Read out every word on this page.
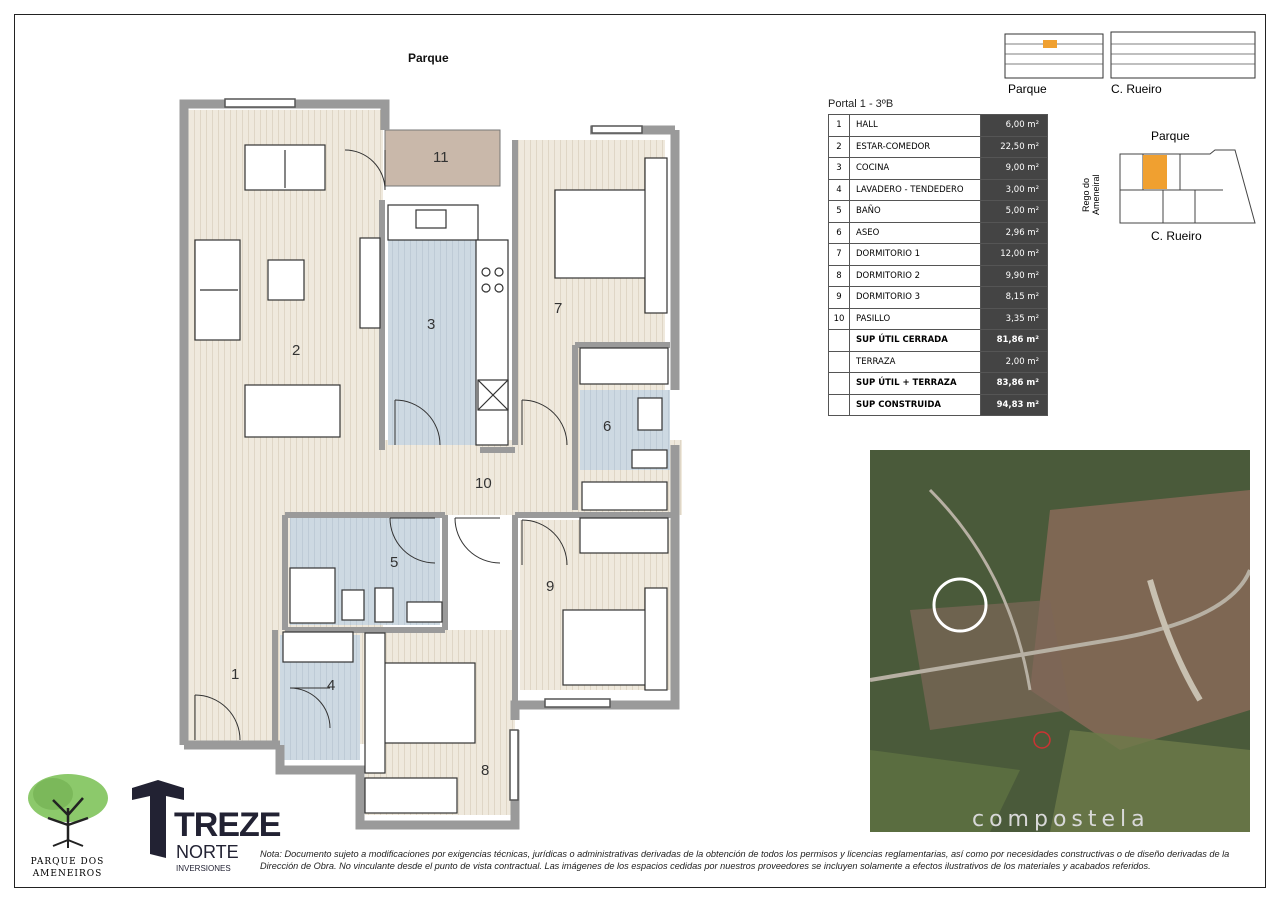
Parque
11
2
3
7
6
10
5
9
1
4
8
Parque	C. Rueiro
Parque
Rego do Ameneiral
C. Rueiro
Portal 1 - 3ºB
1	HALL	6,00 m²
2	ESTAR-COMEDOR	22,50 m²
3	COCINA	9,00 m²
4	LAVADERO - TENDEDERO	3,00 m²
5	BAÑO	5,00 m²
6	ASEO	2,96 m²
7	DORMITORIO 1	12,00 m²
8	DORMITORIO 2	9,90 m²
9	DORMITORIO 3	8,15 m²
10	PASILLO	3,35 m²
	SUP ÚTIL CERRADA	81,86 m²
	TERRAZA	2,00 m²
	SUP ÚTIL + TERRAZA	83,86 m²
	SUP CONSTRUIDA	94,83 m²
compostela
PARQUE DOS
AMENEIROS
TREZE
NORTE
INVERSIONES
Nota: Documento sujeto a modificaciones por exigencias técnicas, jurídicas o administrativas derivadas de la obtención de todos los permisos y licencias reglamentarias, así como por necesidades constructivas o de diseño derivadas de la Dirección de Obra. No vinculante desde el punto de vista contractual. Las imágenes de los espacios cedidas por nuestros proveedores se incluyen solamente a efectos ilustrativos de los materiales y acabados referidos.
